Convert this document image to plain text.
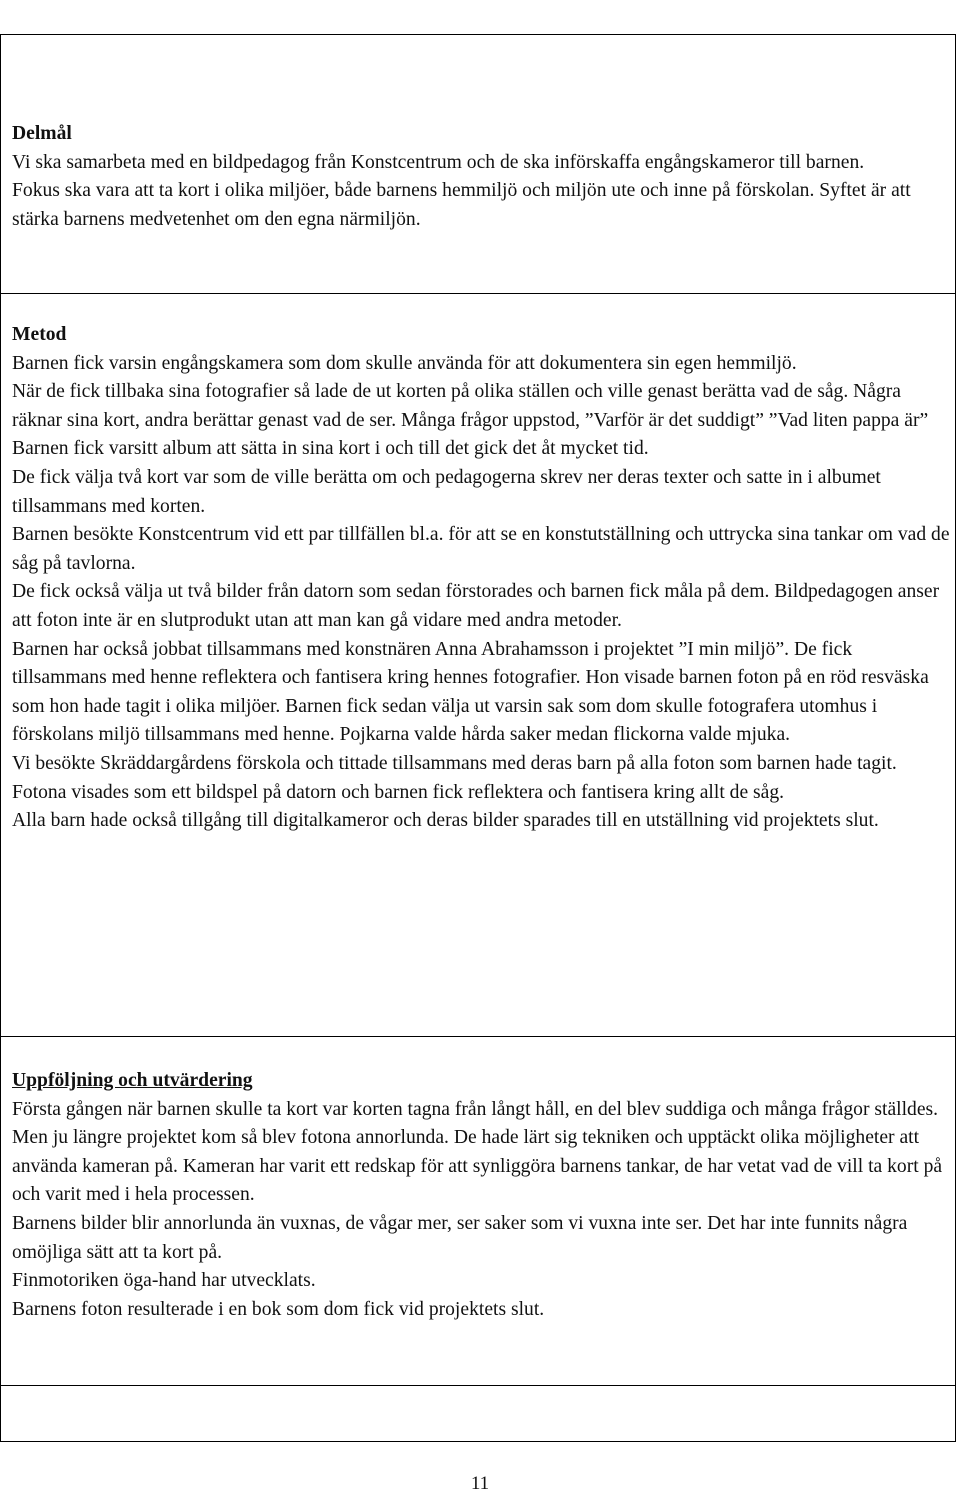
Delmål

Vi ska samarbeta med en bildpedagog från Konstcentrum och de ska införskaffa engångskameror till barnen.

Fokus ska vara att ta kort i olika miljöer, både barnens hemmiljö och miljön ute och inne på förskolan. Syftet är att stärka barnens medvetenhet om den egna närmiljön.

Metod

Barnen fick varsin engångskamera som dom skulle använda för att dokumentera sin egen hemmiljö.

När de fick tillbaka sina fotografier så lade de ut korten på olika ställen och ville genast berätta vad de såg. Några räknar sina kort, andra berättar genast vad de ser. Många frågor uppstod, ”Varför är det suddigt” ”Vad liten pappa är”

Barnen fick varsitt album att sätta in sina kort i och till det gick det åt mycket tid.

De fick välja två kort var som de ville berätta om och pedagogerna skrev ner deras texter och satte in i albumet tillsammans med korten.

Barnen besökte Konstcentrum vid ett par tillfällen bl.a. för att se en konstutställning och uttrycka sina tankar om vad de såg på tavlorna.

De fick också välja ut två bilder från datorn som sedan förstorades och barnen fick måla på dem. Bildpedagogen anser att foton inte är en slutprodukt utan att man kan gå vidare med andra metoder.

Barnen har också jobbat tillsammans med konstnären Anna Abrahamsson i projektet ”I min miljö”. De fick tillsammans med henne reflektera och fantisera kring hennes fotografier. Hon visade barnen foton på en röd resväska som hon hade tagit i olika miljöer. Barnen fick sedan välja ut varsin sak som dom skulle fotografera utomhus i förskolans miljö tillsammans med henne. Pojkarna valde hårda saker medan flickorna valde mjuka.

Vi besökte Skräddargårdens förskola och tittade tillsammans med deras barn på alla foton som barnen hade tagit. Fotona visades som ett bildspel på datorn och barnen fick reflektera och fantisera kring allt de såg.

Alla barn hade också tillgång till digitalkameror och deras bilder sparades till en utställning vid projektets slut.

Uppföljning och utvärdering

Första gången när barnen skulle ta kort var korten tagna från långt håll, en del blev suddiga och många frågor ställdes. Men ju längre projektet kom så blev fotona annorlunda. De hade lärt sig tekniken och upptäckt olika möjligheter att använda kameran på. Kameran har varit ett redskap för att synliggöra barnens tankar, de har vetat vad de vill ta kort på och varit med i hela processen.

Barnens bilder blir annorlunda än vuxnas, de vågar mer, ser saker som vi vuxna inte ser. Det har inte funnits några omöjliga sätt att ta kort på.

Finmotoriken öga-hand har utvecklats.

Barnens foton resulterade i en bok som dom fick vid projektets slut.

11
